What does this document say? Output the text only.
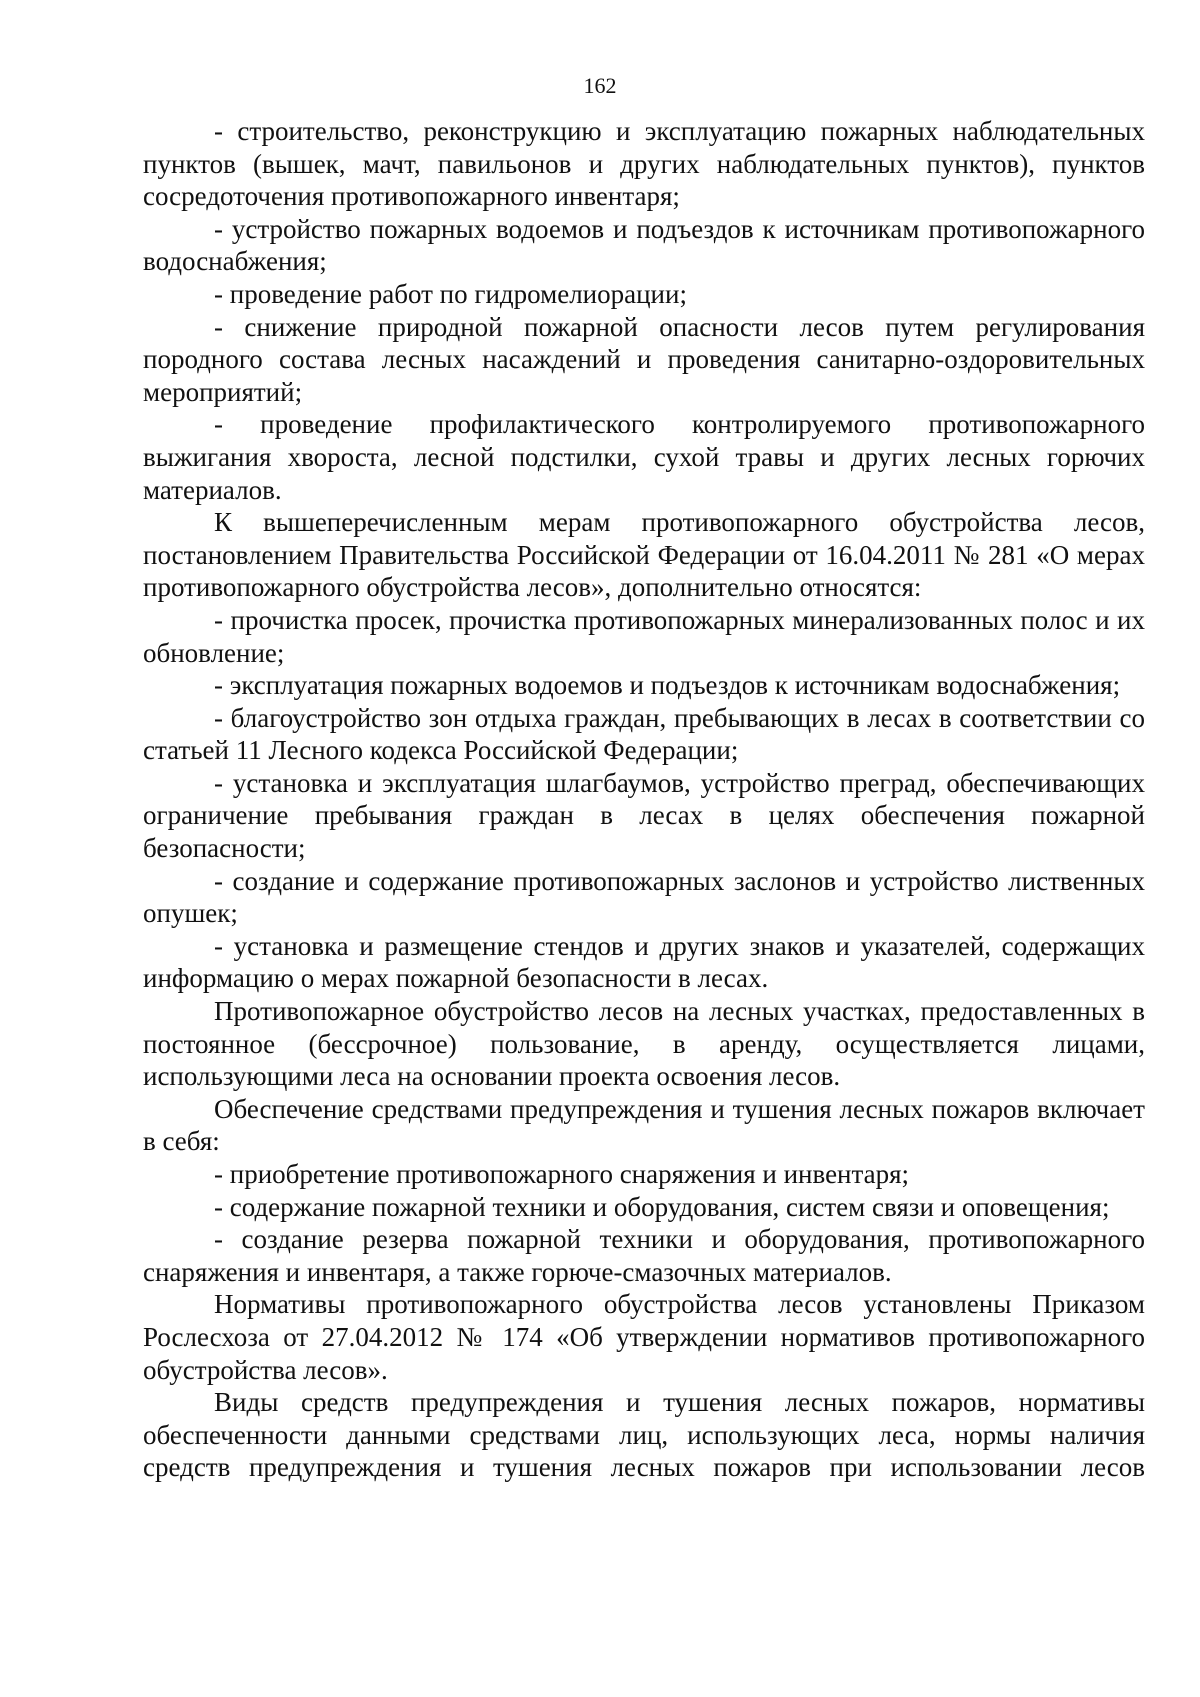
162

- строительство, реконструкцию и эксплуатацию пожарных наблюдательных пунктов (вышек, мачт, павильонов и других наблюдательных пунктов), пунктов сосредоточения противопожарного инвентаря;

- устройство пожарных водоемов и подъездов к источникам противопожарного водоснабжения;

- проведение работ по гидромелиорации;

- снижение природной пожарной опасности лесов путем регулирования породного состава лесных насаждений и проведения санитарно-оздоровительных мероприятий;

- проведение профилактического контролируемого противопожарного выжигания хвороста, лесной подстилки, сухой травы и других лесных горючих материалов.

К вышеперечисленным мерам противопожарного обустройства лесов, постановлением Правительства Российской Федерации от 16.04.2011 № 281 «О мерах противопожарного обустройства лесов», дополнительно относятся:

- прочистка просек, прочистка противопожарных минерализованных полос и их обновление;

- эксплуатация пожарных водоемов и подъездов к источникам водоснабжения;

- благоустройство зон отдыха граждан, пребывающих в лесах в соответствии со статьей 11 Лесного кодекса Российской Федерации;

- установка и эксплуатация шлагбаумов, устройство преград, обеспечивающих ограничение пребывания граждан в лесах в целях обеспечения пожарной безопасности;

- создание и содержание противопожарных заслонов и устройство лиственных опушек;

- установка и размещение стендов и других знаков и указателей, содержащих информацию о мерах пожарной безопасности в лесах.

Противопожарное обустройство лесов на лесных участках, предоставленных в постоянное (бессрочное) пользование, в аренду, осуществляется лицами, использующими леса на основании проекта освоения лесов.

Обеспечение средствами предупреждения и тушения лесных пожаров включает в себя:

- приобретение противопожарного снаряжения и инвентаря;

- содержание пожарной техники и оборудования, систем связи и оповещения;

- создание резерва пожарной техники и оборудования, противопожарного снаряжения и инвентаря, а также горюче-смазочных материалов.

Нормативы противопожарного обустройства лесов установлены Приказом Рослесхоза от 27.04.2012 № 174 «Об утверждении нормативов противопожарного обустройства лесов».

Виды средств предупреждения и тушения лесных пожаров, нормативы обеспеченности данными средствами лиц, использующих леса, нормы наличия средств предупреждения и тушения лесных пожаров при использовании лесов
